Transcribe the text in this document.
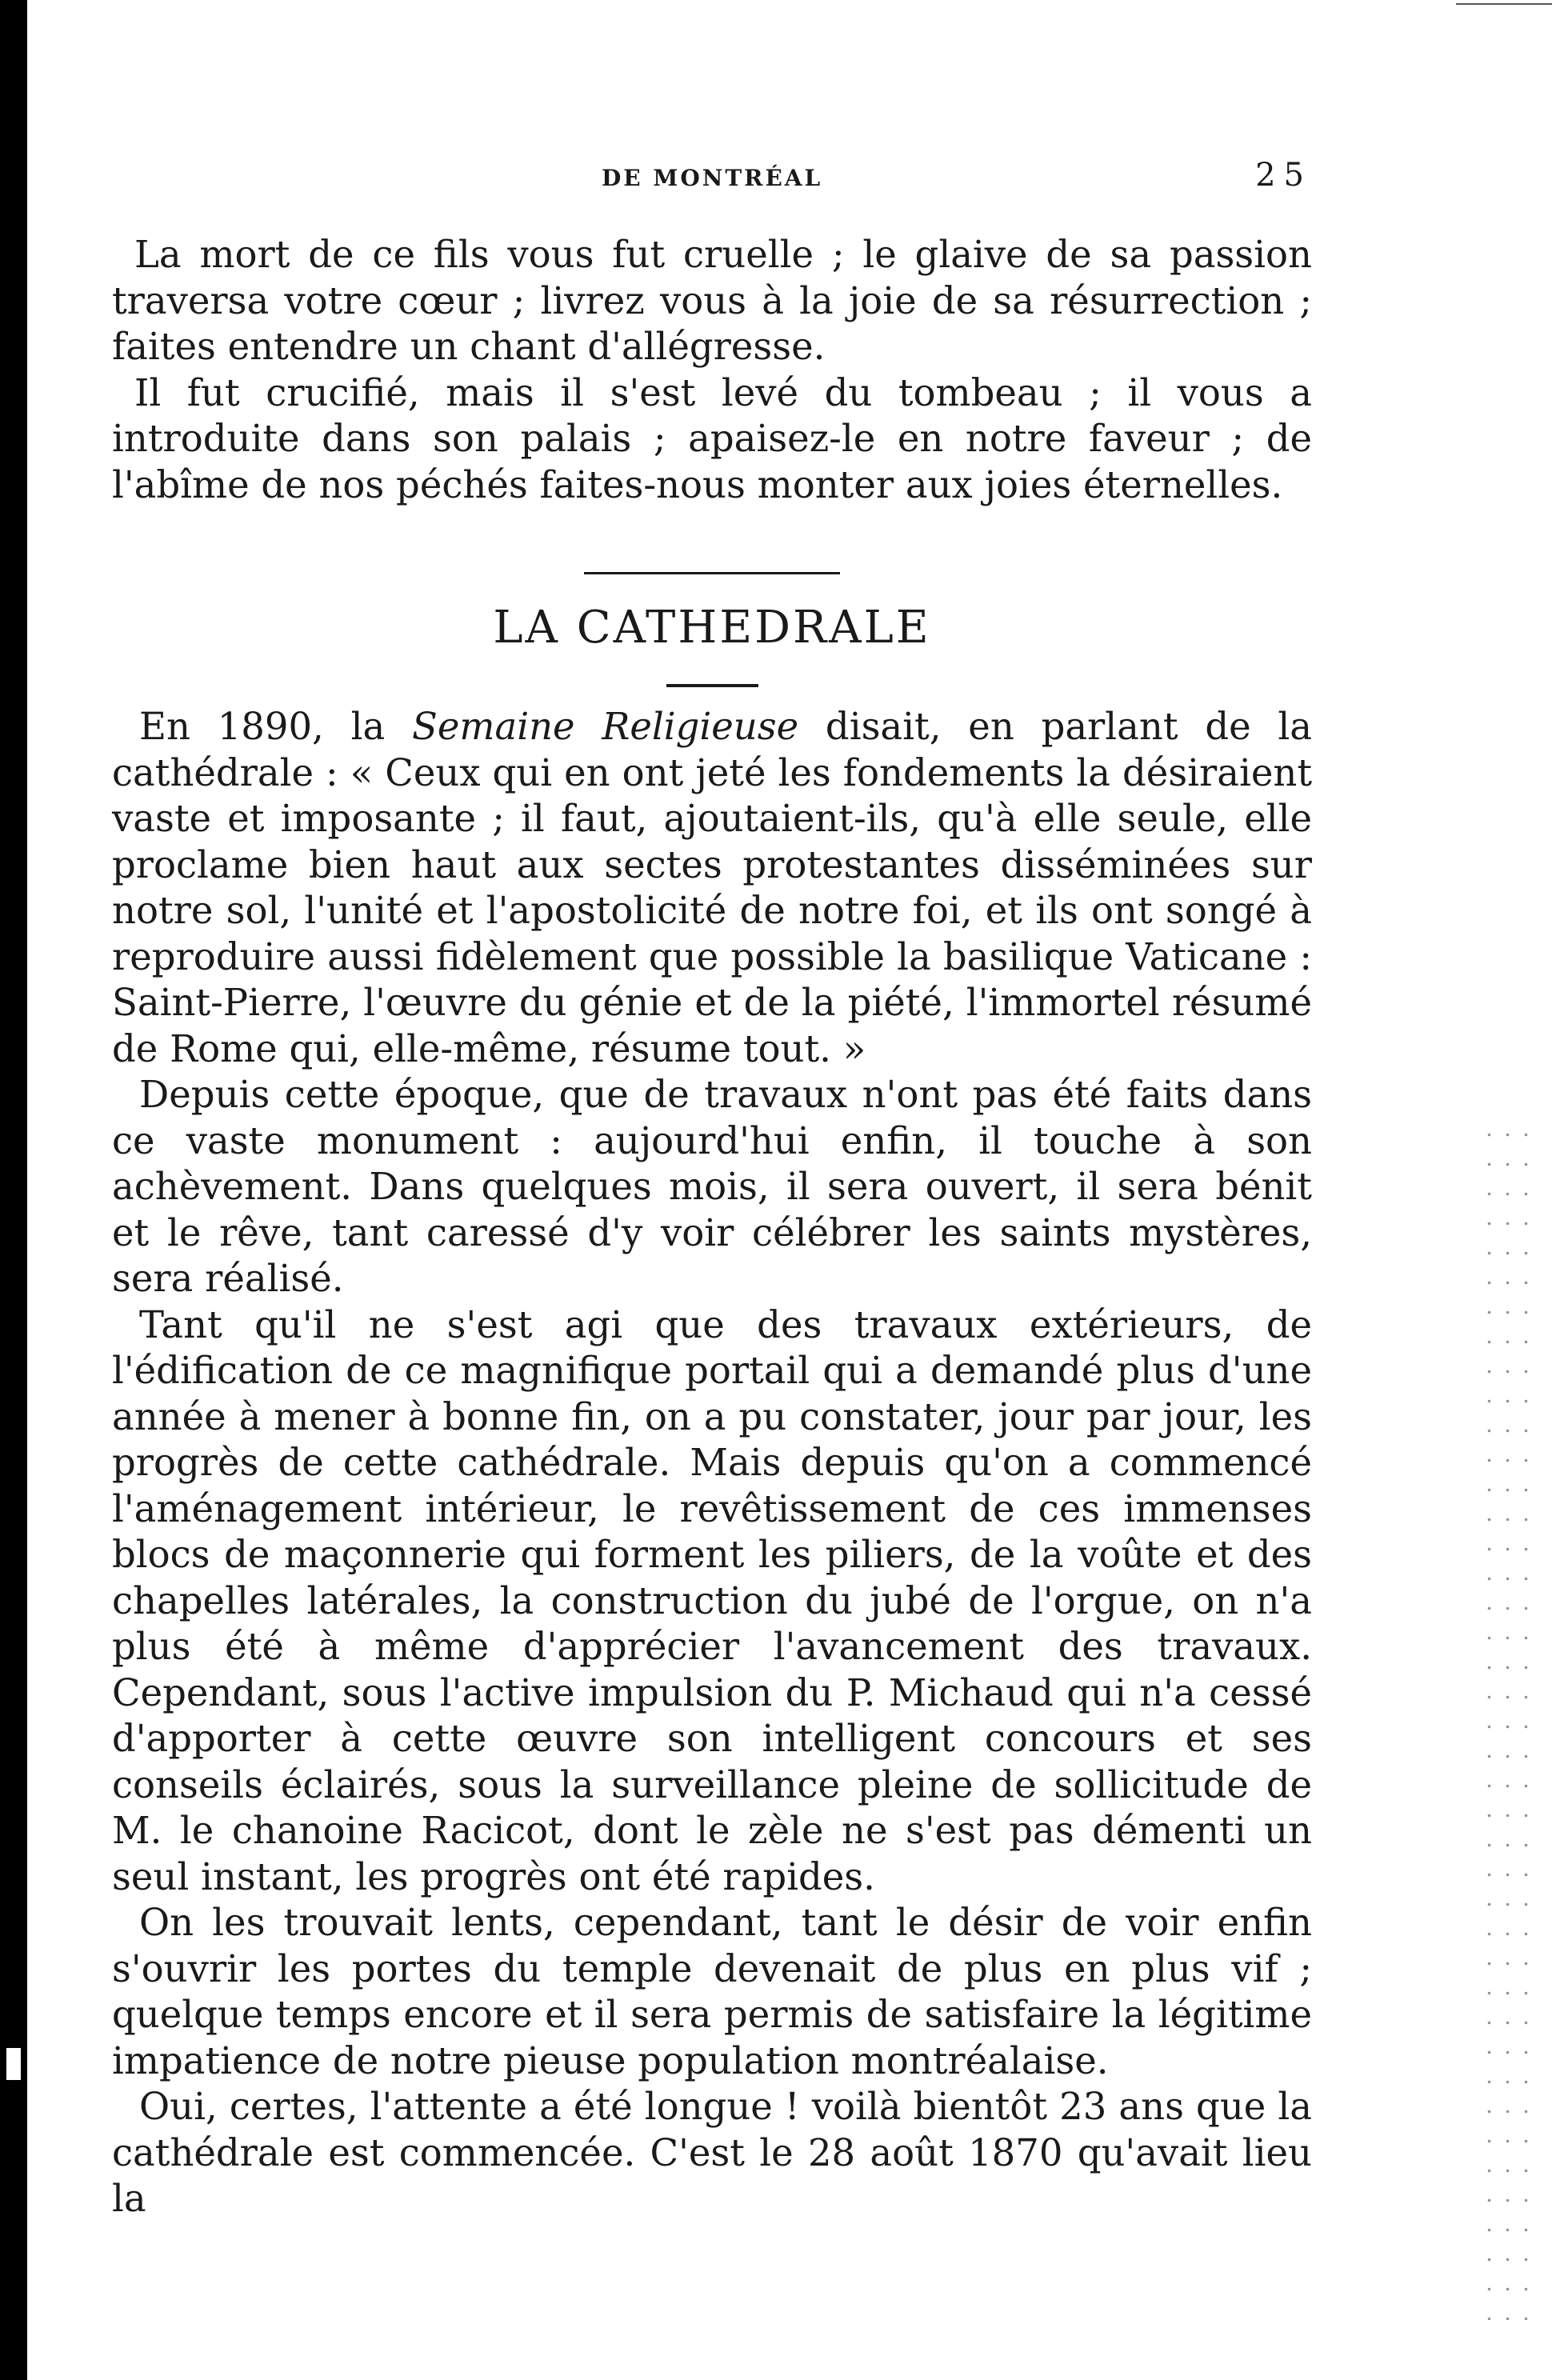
DE MONTRÉAL	25

La mort de ce fils vous fut cruelle ; le glaive de sa passion traversa votre cœur ; livrez vous à la joie de sa résurrection ; faites entendre un chant d'allégresse.

Il fut crucifié, mais il s'est levé du tombeau ; il vous a introduite dans son palais ; apaisez-le en notre faveur ; de l'abîme de nos péchés faites-nous monter aux joies éternelles.

LA CATHEDRALE

En 1890, la Semaine Religieuse disait, en parlant de la cathédrale : « Ceux qui en ont jeté les fondements la désiraient vaste et imposante ; il faut, ajoutaient-ils, qu'à elle seule, elle proclame bien haut aux sectes protestantes disséminées sur notre sol, l'unité et l'apostolicité de notre foi, et ils ont songé à reproduire aussi fidèlement que possible la basilique Vaticane : Saint-Pierre, l'œuvre du génie et de la piété, l'immortel résumé de Rome qui, elle-même, résume tout. »

Depuis cette époque, que de travaux n'ont pas été faits dans ce vaste monument : aujourd'hui enfin, il touche à son achèvement. Dans quelques mois, il sera ouvert, il sera bénit et le rêve, tant caressé d'y voir célébrer les saints mystères, sera réalisé.

Tant qu'il ne s'est agi que des travaux extérieurs, de l'édification de ce magnifique portail qui a demandé plus d'une année à mener à bonne fin, on a pu constater, jour par jour, les progrès de cette cathédrale. Mais depuis qu'on a commencé l'aménagement intérieur, le revêtissement de ces immenses blocs de maçonnerie qui forment les piliers, de la voûte et des chapelles latérales, la construction du jubé de l'orgue, on n'a plus été à même d'apprécier l'avancement des travaux. Cependant, sous l'active impulsion du P. Michaud qui n'a cessé d'apporter à cette œuvre son intelligent concours et ses conseils éclairés, sous la surveillance pleine de sollicitude de M. le chanoine Racicot, dont le zèle ne s'est pas démenti un seul instant, les progrès ont été rapides.

On les trouvait lents, cependant, tant le désir de voir enfin s'ouvrir les portes du temple devenait de plus en plus vif ; quelque temps encore et il sera permis de satisfaire la légitime impatience de notre pieuse population montréalaise.

Oui, certes, l'attente a été longue ! voilà bientôt 23 ans que la cathédrale est commencée. C'est le 28 août 1870 qu'avait lieu la
